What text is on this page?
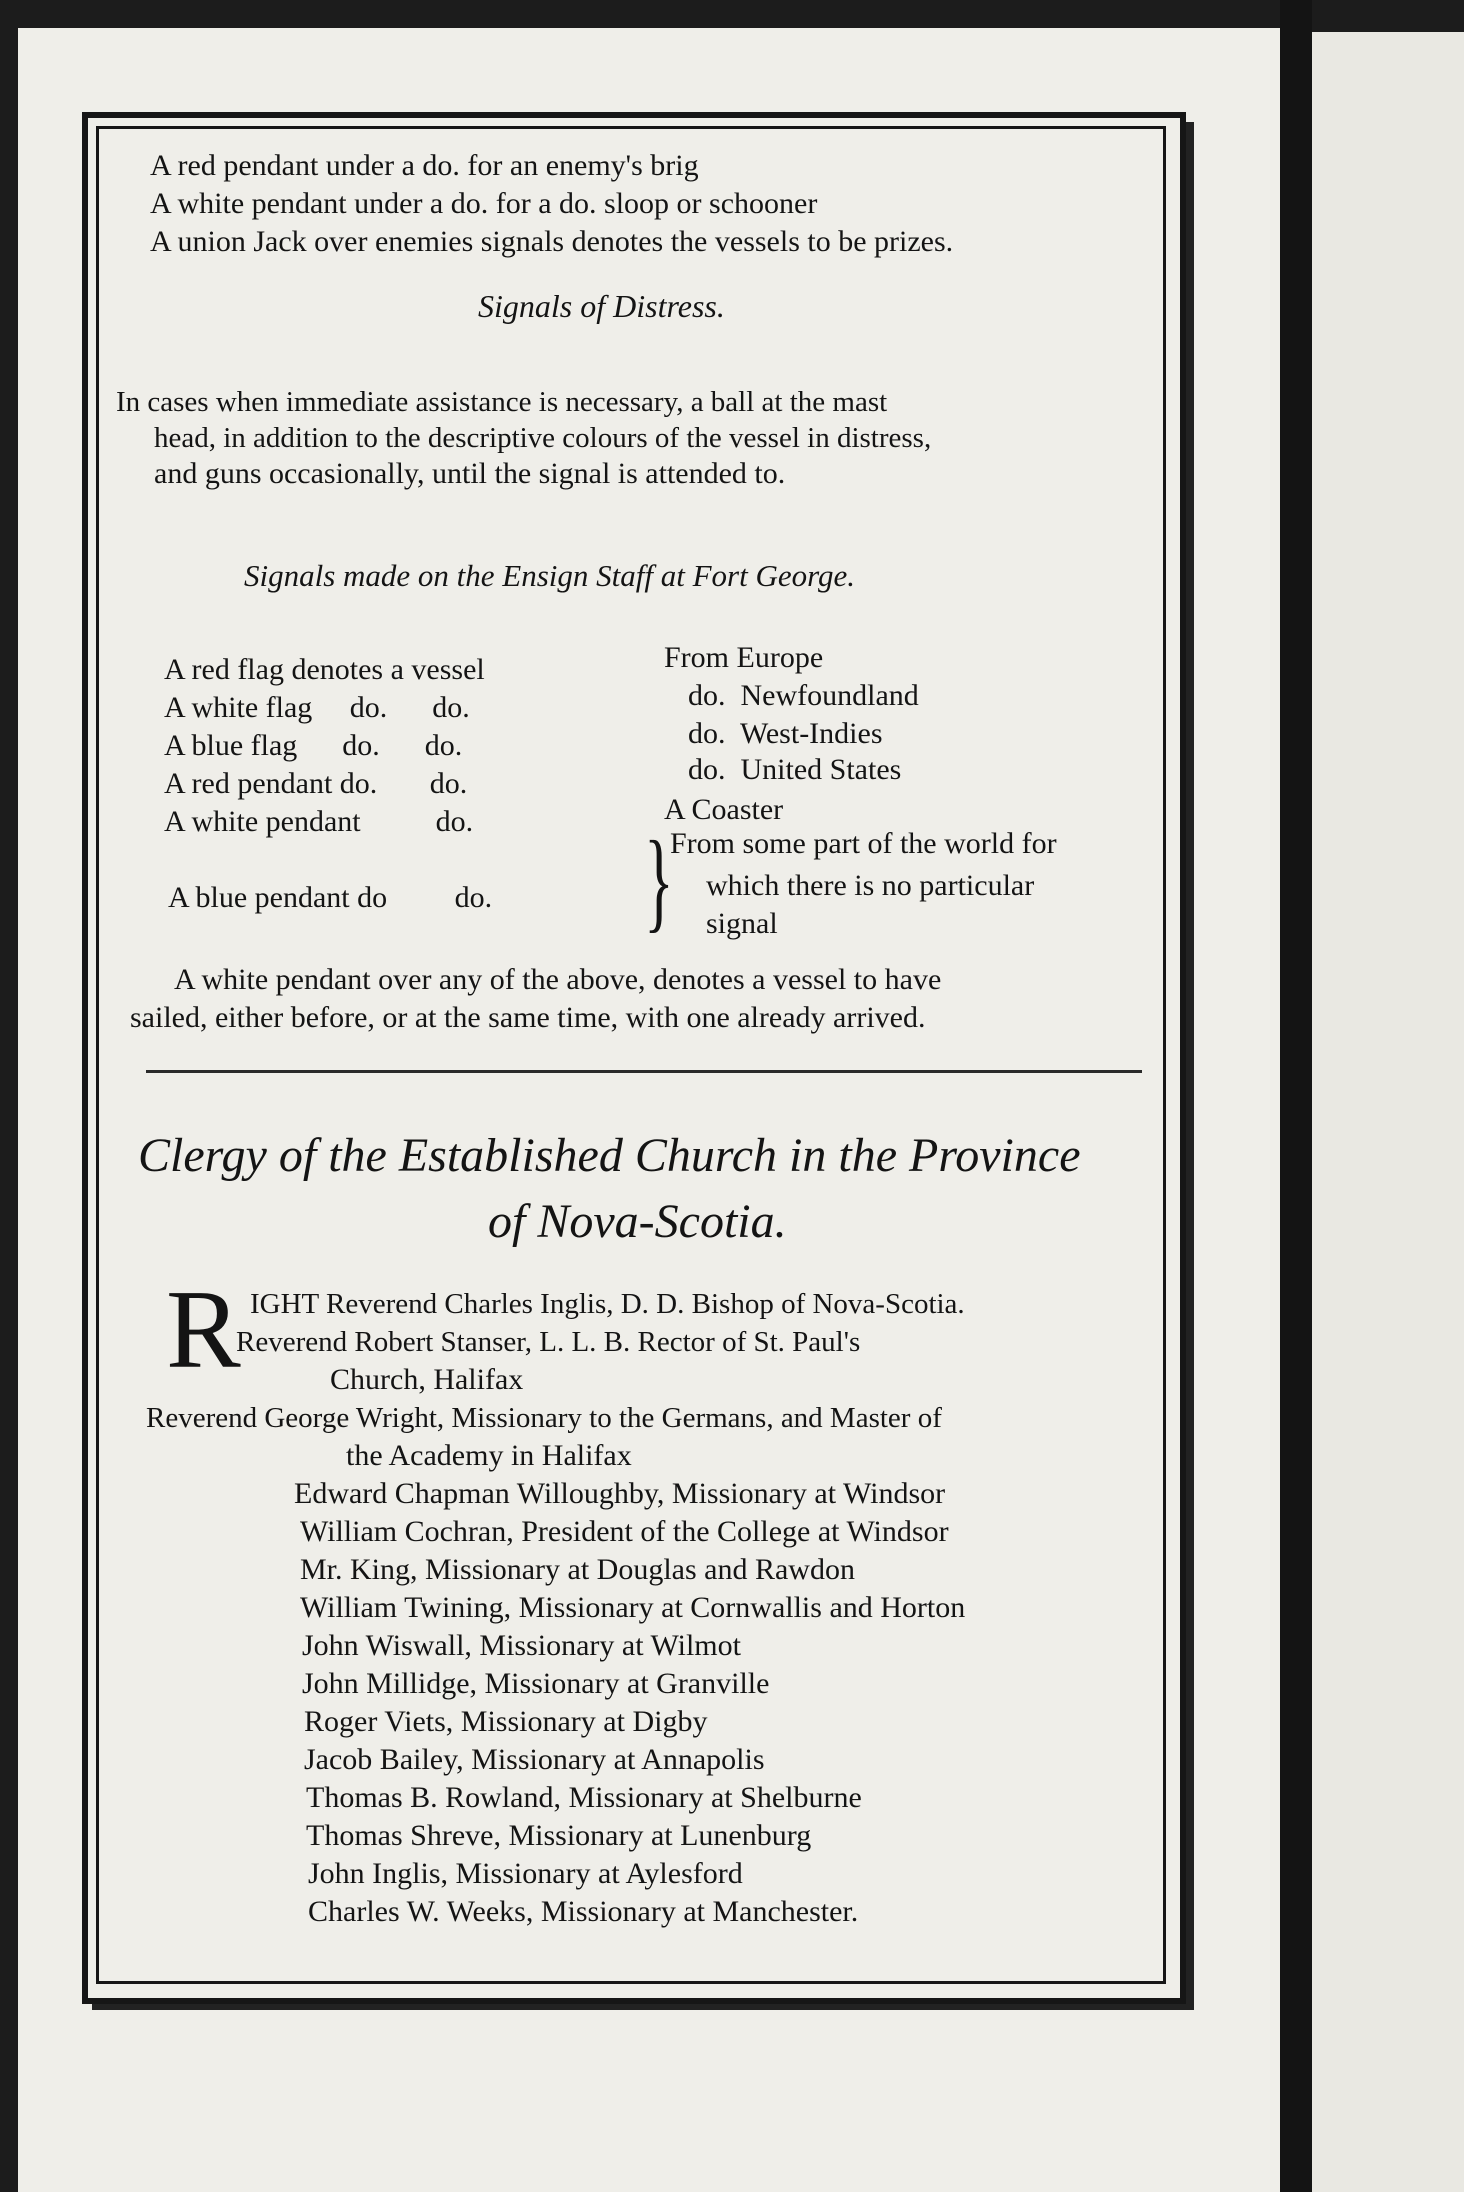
A red pendant under a do. for an enemy's brig
A white pendant under a do. for a do. sloop or schooner
A union Jack over enemies signals denotes the vessels to be prizes.
Signals of Distress.
In cases when immediate assistance is necessary, a ball at the mast
head, in addition to the descriptive colours of the vessel in distress,
and guns occasionally, until the signal is attended to.
Signals made on the Ensign Staff at Fort George.
A red flag denotes a vessel	From Europe
A white flag     do.      do.	do.  Newfoundland
A blue flag      do.      do.	do.  West-Indies
A red pendant do.       do.	do.  United States
A white pendant          do.	A Coaster
A blue pendant do         do. }
From some part of the world for
which there is no particular
signal
A white pendant over any of the above, denotes a vessel to have
sailed, either before, or at the same time, with one already arrived.
Clergy of the Established Church in the Province
of Nova-Scotia.
R IGHT Reverend Charles Inglis, D. D. Bishop of Nova-Scotia.
Reverend Robert Stanser, L. L. B. Rector of St. Paul's
Church, Halifax
Reverend George Wright, Missionary to the Germans, and Master of
the Academy in Halifax
Edward Chapman Willoughby, Missionary at Windsor
William Cochran, President of the College at Windsor
Mr. King, Missionary at Douglas and Rawdon
William Twining, Missionary at Cornwallis and Horton
John Wiswall, Missionary at Wilmot
John Millidge, Missionary at Granville
Roger Viets, Missionary at Digby
Jacob Bailey, Missionary at Annapolis
Thomas B. Rowland, Missionary at Shelburne
Thomas Shreve, Missionary at Lunenburg
John Inglis, Missionary at Aylesford
Charles W. Weeks, Missionary at Manchester.
